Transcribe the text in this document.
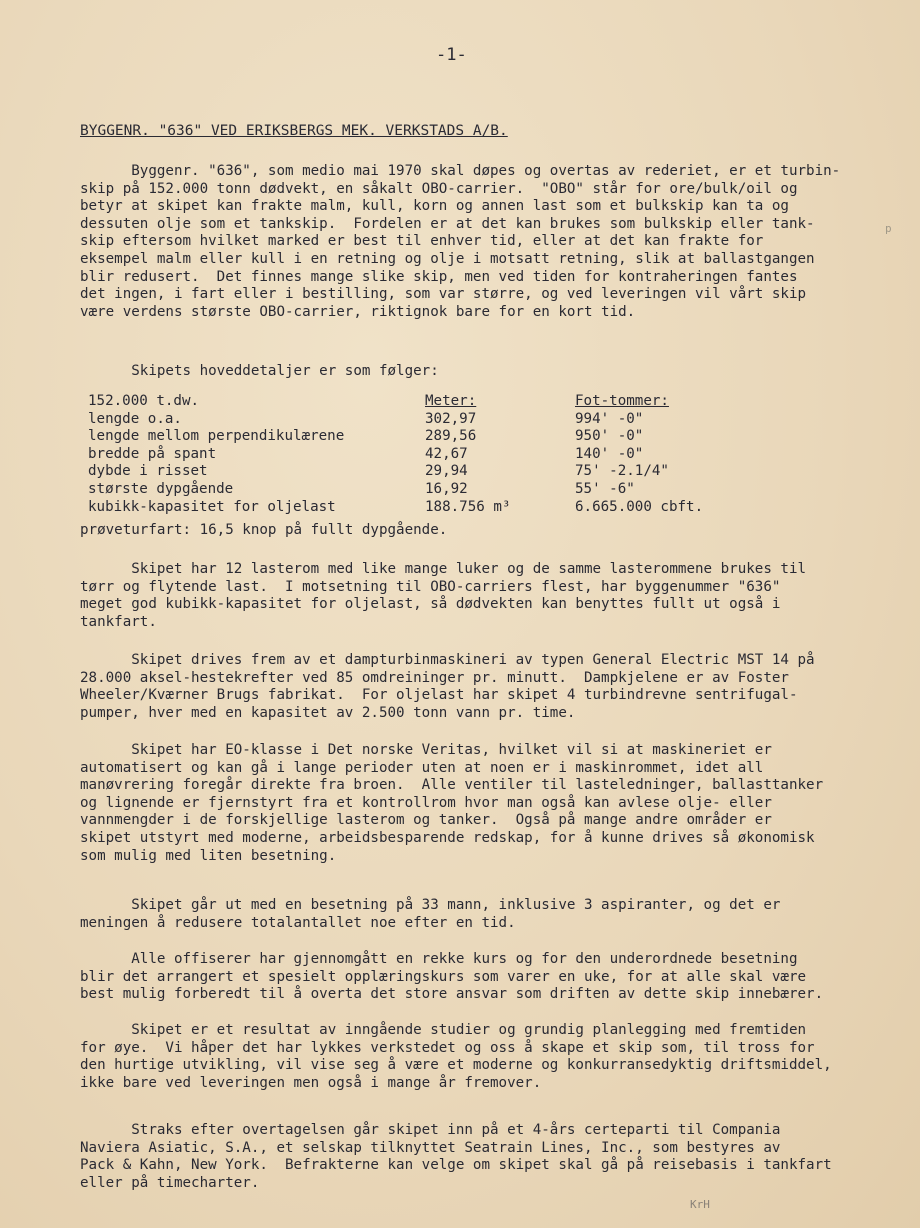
-1-
BYGGENR. "636" VED ERIKSBERGS MEK. VERKSTADS A/B.
Byggenr. "636", som medio mai 1970 skal døpes og overtas av rederiet, er et turbin-
skip på 152.000 tonn dødvekt, en såkalt OBO-carrier.  "OBO" står for ore/bulk/oil og
betyr at skipet kan frakte malm, kull, korn og annen last som et bulkskip kan ta og
dessuten olje som et tankskip.  Fordelen er at det kan brukes som bulkskip eller tank-
skip eftersom hvilket marked er best til enhver tid, eller at det kan frakte for
eksempel malm eller kull i en retning og olje i motsatt retning, slik at ballastgangen
blir redusert.  Det finnes mange slike skip, men ved tiden for kontraheringen fantes
det ingen, i fart eller i bestilling, som var større, og ved leveringen vil vårt skip
være verdens største OBO-carrier, riktignok bare for en kort tid.
Skipets hoveddetaljer er som følger:
152.000 t.dw.	Meter:	Fot-tommer:
lengde o.a.	302,97	994' -0"
lengde mellom perpendikulærene	289,56	950' -0"
bredde på spant	42,67	140' -0"
dybde i risset	29,94	75' -2.1/4"
største dypgående	16,92	55' -6"
kubikk-kapasitet for oljelast	188.756 m³	6.665.000 cbft.
prøveturfart: 16,5 knop på fullt dypgående.
Skipet har 12 lasterom med like mange luker og de samme lasterommene brukes til
tørr og flytende last.  I motsetning til OBO-carriers flest, har byggenummer "636"
meget god kubikk-kapasitet for oljelast, så dødvekten kan benyttes fullt ut også i
tankfart.
Skipet drives frem av et dampturbinmaskineri av typen General Electric MST 14 på
28.000 aksel-hestekrefter ved 85 omdreininger pr. minutt.  Dampkjelene er av Foster
Wheeler/Kværner Brugs fabrikat.  For oljelast har skipet 4 turbindrevne sentrifugal-
pumper, hver med en kapasitet av 2.500 tonn vann pr. time.
Skipet har EO-klasse i Det norske Veritas, hvilket vil si at maskineriet er
automatisert og kan gå i lange perioder uten at noen er i maskinrommet, idet all
manøvrering foregår direkte fra broen.  Alle ventiler til lasteledninger, ballasttanker
og lignende er fjernstyrt fra et kontrollrom hvor man også kan avlese olje- eller
vannmengder i de forskjellige lasterom og tanker.  Også på mange andre områder er
skipet utstyrt med moderne, arbeidsbesparende redskap, for å kunne drives så økonomisk
som mulig med liten besetning.
Skipet går ut med en besetning på 33 mann, inklusive 3 aspiranter, og det er
meningen å redusere totalantallet noe efter en tid.
Alle offiserer har gjennomgått en rekke kurs og for den underordnede besetning
blir det arrangert et spesielt opplæringskurs som varer en uke, for at alle skal være
best mulig forberedt til å overta det store ansvar som driften av dette skip innebærer.
Skipet er et resultat av inngående studier og grundig planlegging med fremtiden
for øye.  Vi håper det har lykkes verkstedet og oss å skape et skip som, til tross for
den hurtige utvikling, vil vise seg å være et moderne og konkurransedyktig driftsmiddel,
ikke bare ved leveringen men også i mange år fremover.
Straks efter overtagelsen går skipet inn på et 4-års certeparti til Compania
Naviera Asiatic, S.A., et selskap tilknyttet Seatrain Lines, Inc., som bestyres av
Pack & Kahn, New York.  Befrakterne kan velge om skipet skal gå på reisebasis i tankfart
eller på timecharter.
KrH
p
